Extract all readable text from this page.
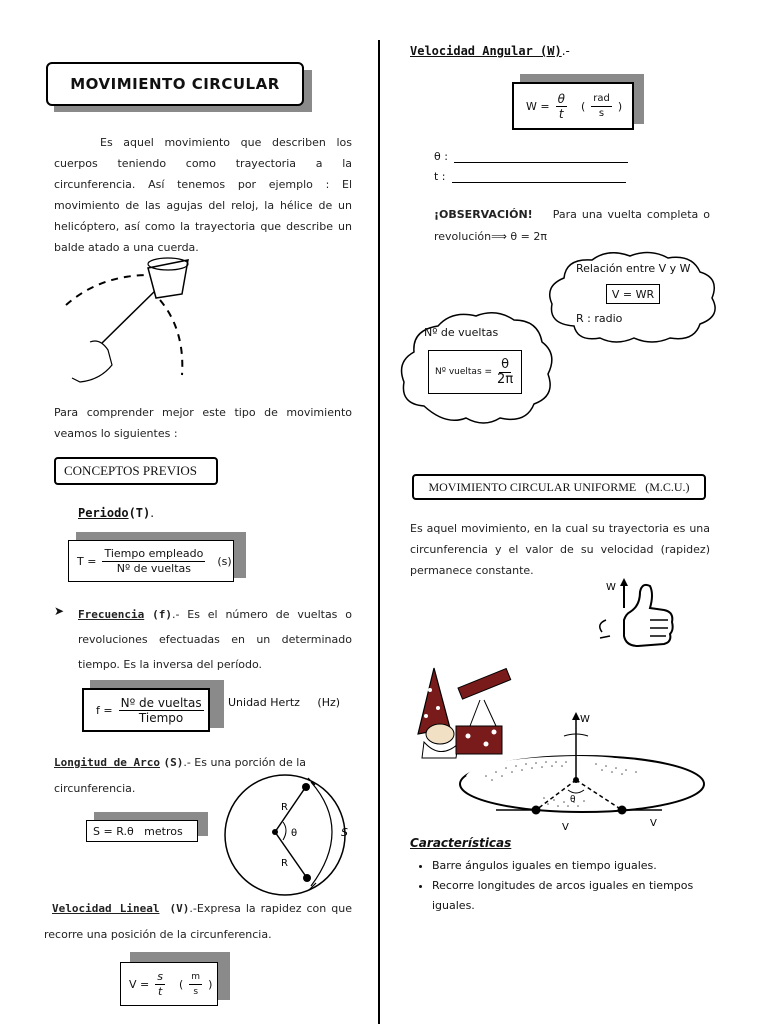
MOVIMIENTO CIRCULAR
Es aquel movimiento que describen los cuerpos teniendo como trayectoria a la circunferencia. Así tenemos por ejemplo : El movimiento de las agujas del reloj, la hélice de un helicóptero, así como la trayectoria que describe un balde atado a una cuerda.
Para comprender mejor este tipo de movimiento veamos lo siguientes :
CONCEPTOS PREVIOS
Periodo(T).
$T = \frac{\text{Tiempo empleado}}{\text{Nº de vueltas}} (s)$
➤ Frecuencia (f).- Es el número de vueltas o revoluciones efectuadas en un determinado tiempo. Es la inversa del período.
$f = \frac{\text{Nº de vueltas}}{\text{Tiempo}}$ Unidad Hertz     (Hz)
Longitud de Arco (S).- Es una porción de la circunferencia.
S = R.θ   metros
R
R
θ	S
Velocidad Lineal (V).-Expresa la rapidez con que recorre una posición de la circunferencia.
$V = \frac{s}{t}$ ( $\frac{m}{s}$ )
Velocidad Angular (W).-
$W = \frac{\theta}{t}$ ( $\frac{\text{rad}}{s}$ )
θ :
t :
¡OBSERVACIÓN! Para una vuelta completa o revolución⟹ θ = 2π
Relación entre V y W
V = WR
R : radio
Nº de vueltas
Nº vueltas = $\frac{\theta}{2\pi}$
MOVIMIENTO CIRCULAR UNIFORME   (M.C.U.)
Es aquel movimiento, en la cual su trayectoria es una circunferencia y el valor de su velocidad (rapidez) permanece constante.
W
W
θ
V	V
Características
• Barre ángulos iguales en tiempo iguales.
• Recorre longitudes de arcos iguales en tiempos iguales.
